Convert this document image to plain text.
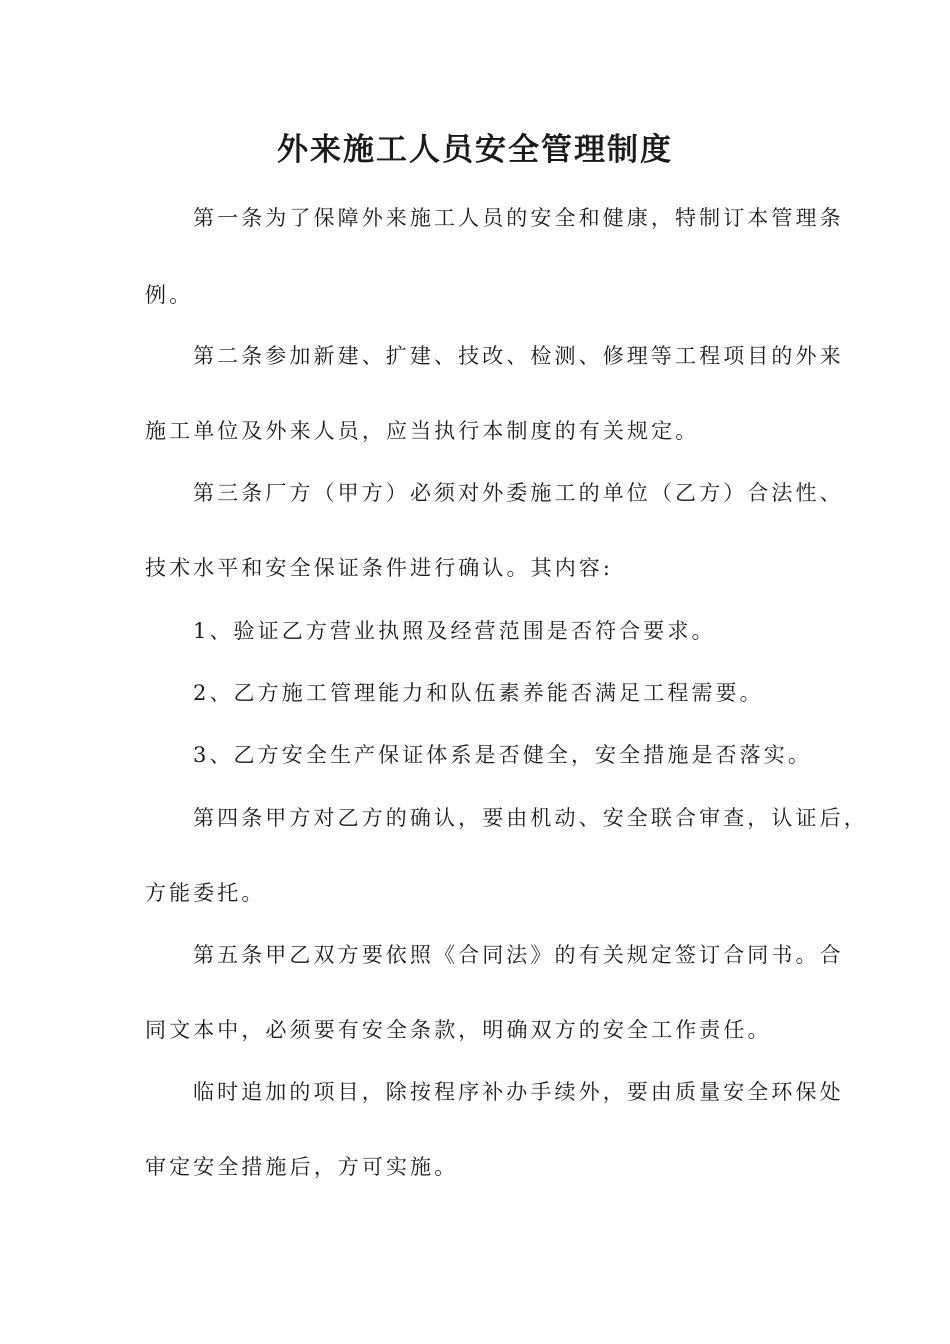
外来施工人员安全管理制度
第一条为了保障外来施工人员的安全和健康，特制订本管理条
例。
第二条参加新建、扩建、技改、检测、修理等工程项目的外来
施工单位及外来人员，应当执行本制度的有关规定。
第三条厂方（甲方）必须对外委施工的单位（乙方）合法性、
技术水平和安全保证条件进行确认。其内容:
1、验证乙方营业执照及经营范围是否符合要求。
2、乙方施工管理能力和队伍素养能否满足工程需要。
3、乙方安全生产保证体系是否健全，安全措施是否落实。
第四条甲方对乙方的确认，要由机动、安全联合审查，认证后，
方能委托。
第五条甲乙双方要依照《合同法》的有关规定签订合同书。合
同文本中，必须要有安全条款，明确双方的安全工作责任。
临时追加的项目，除按程序补办手续外，要由质量安全环保处
审定安全措施后，方可实施。
